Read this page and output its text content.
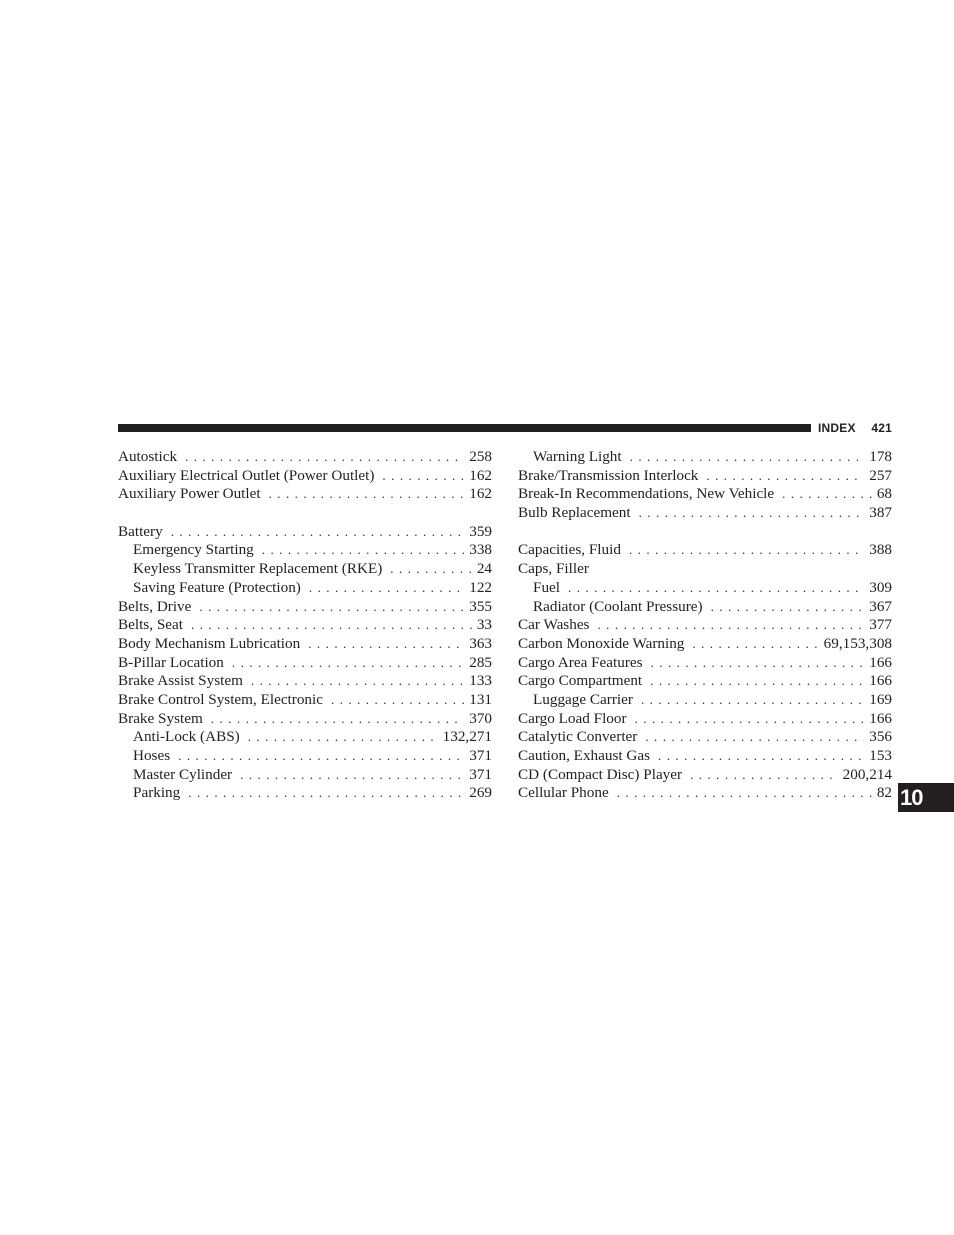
INDEX 421
Autostick . . .	258
Auxiliary Electrical Outlet (Power Outlet) . . .	162
Auxiliary Power Outlet . . .	162
Battery . . .	359
Emergency Starting . . .	338
Keyless Transmitter Replacement (RKE) . . .	24
Saving Feature (Protection) . . .	122
Belts, Drive . . .	355
Belts, Seat . . .	33
Body Mechanism Lubrication . . .	363
B-Pillar Location . . .	285
Brake Assist System . . .	133
Brake Control System, Electronic . . .	131
Brake System . . .	370
Anti-Lock (ABS) . . .	132,271
Hoses . . .	371
Master Cylinder . . .	371
Parking . . .	269
Warning Light . . .	178
Brake/Transmission Interlock . . .	257
Break-In Recommendations, New Vehicle . . .	68
Bulb Replacement . . .	387
Capacities, Fluid . . .	388
Caps, Filler
Fuel . . .	309
Radiator (Coolant Pressure) . . .	367
Car Washes . . .	377
Carbon Monoxide Warning . . .	69,153,308
Cargo Area Features . . .	166
Cargo Compartment . . .	166
Luggage Carrier . . .	169
Cargo Load Floor . . .	166
Catalytic Converter . . .	356
Caution, Exhaust Gas . . .	153
CD (Compact Disc) Player . . .	200,214
Cellular Phone . . .	82 10
